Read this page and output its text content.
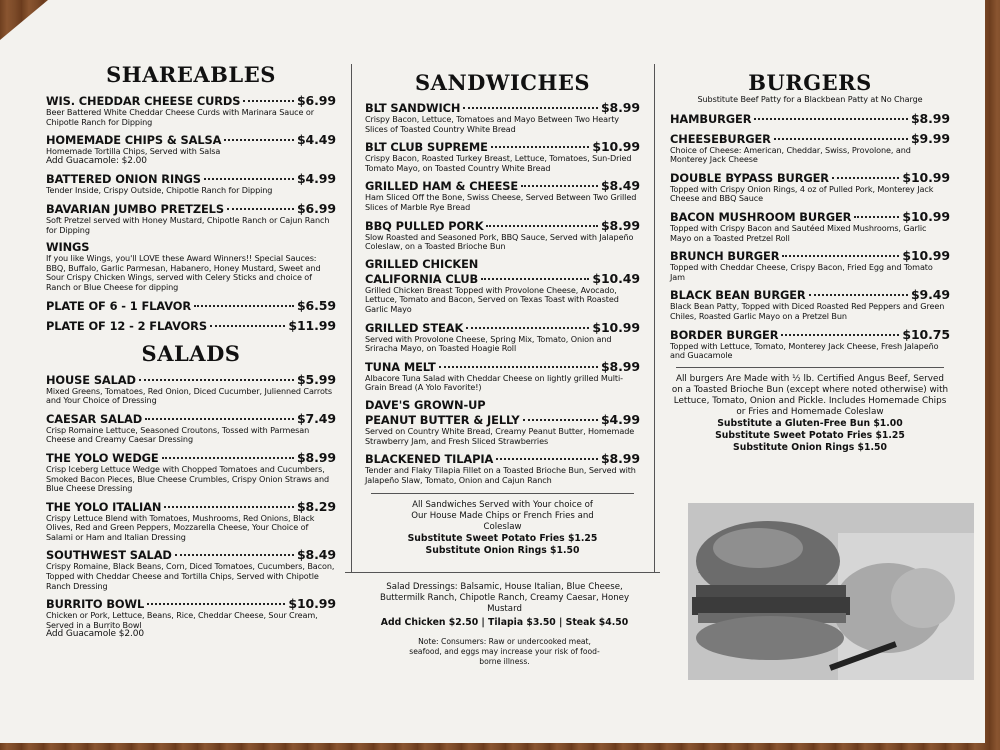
SHAREABLES
WIS. CHEDDAR CHEESE CURDS	$6.99
Beer Battered White Cheddar Cheese Curds with Marinara Sauce or Chipotle Ranch for Dipping
HOMEMADE CHIPS & SALSA	$4.49
Homemade Tortilla Chips, Served with Salsa
Add Guacamole: $2.00
BATTERED ONION RINGS	$4.99
Tender Inside, Crispy Outside, Chipotle Ranch for Dipping
BAVARIAN JUMBO PRETZELS	$6.99
Soft Pretzel served with Honey Mustard, Chipotle Ranch or Cajun Ranch for Dipping
WINGS
If you like Wings, you'll LOVE these Award Winners!! Special Sauces: BBQ, Buffalo, Garlic Parmesan, Habanero, Honey Mustard, Sweet and Sour Crispy Chicken Wings, served with Celery Sticks and choice of Ranch or Blue Cheese for dipping
PLATE OF 6 - 1 FLAVOR	$6.59
PLATE OF 12 - 2 FLAVORS	$11.99
SALADS
HOUSE SALAD	$5.99
Mixed Greens, Tomatoes, Red Onion, Diced Cucumber, Julienned Carrots and Your Choice of Dressing
CAESAR SALAD	$7.49
Crisp Romaine Lettuce, Seasoned Croutons, Tossed with Parmesan Cheese and Creamy Caesar Dressing
THE YOLO WEDGE	$8.99
Crisp Iceberg Lettuce Wedge with Chopped Tomatoes and Cucumbers, Smoked Bacon Pieces, Blue Cheese Crumbles, Crispy Onion Straws and Blue Cheese Dressing
THE YOLO ITALIAN	$8.29
Crispy Lettuce Blend with Tomatoes, Mushrooms, Red Onions, Black Olives, Red and Green Peppers, Mozzarella Cheese, Your Choice of Salami or Ham and Italian Dressing
SOUTHWEST SALAD	$8.49
Crispy Romaine, Black Beans, Corn, Diced Tomatoes, Cucumbers, Bacon, Topped with Cheddar Cheese and Tortilla Chips, Served with Chipotle Ranch Dressing
BURRITO BOWL	$10.99
Chicken or Pork, Lettuce, Beans, Rice, Cheddar Cheese, Sour Cream, Served in a Burrito Bowl
Add Guacamole $2.00
SANDWICHES
BLT SANDWICH	$8.99
Crispy Bacon, Lettuce, Tomatoes and Mayo Between Two Hearty Slices of Toasted Country White Bread
BLT CLUB SUPREME	$10.99
Crispy Bacon, Roasted Turkey Breast, Lettuce, Tomatoes, Sun-Dried Tomato Mayo, on Toasted Country White Bread
GRILLED HAM & CHEESE	$8.49
Ham Sliced Off the Bone, Swiss Cheese, Served Between Two Grilled Slices of Marble Rye Bread
BBQ PULLED PORK	$8.99
Slow Roasted and Seasoned Pork, BBQ Sauce, Served with Jalapeño Coleslaw, on a Toasted Brioche Bun
GRILLED CHICKEN
CALIFORNIA CLUB	$10.49
Grilled Chicken Breast Topped with Provolone Cheese, Avocado, Lettuce, Tomato and Bacon, Served on Texas Toast with Roasted Garlic Mayo
GRILLED STEAK	$10.99
Served with Provolone Cheese, Spring Mix, Tomato, Onion and Sriracha Mayo, on Toasted Hoagie Roll
TUNA MELT	$8.99
Albacore Tuna Salad with Cheddar Cheese on lightly grilled Multi-Grain Bread (A Yolo Favorite!)
DAVE'S GROWN-UP
PEANUT BUTTER & JELLY	$4.99
Served on Country White Bread, Creamy Peanut Butter, Homemade Strawberry Jam, and Fresh Sliced Strawberries
BLACKENED TILAPIA	$8.99
Tender and Flaky Tilapia Fillet on a Toasted Brioche Bun, Served with Jalapeño Slaw, Tomato, Onion and Cajun Ranch
All Sandwiches Served with Your choice of Our House Made Chips or French Fries and Coleslaw
Substitute Sweet Potato Fries $1.25
Substitute Onion Rings $1.50
Salad Dressings: Balsamic, House Italian, Blue Cheese, Buttermilk Ranch, Chipotle Ranch, Creamy Caesar, Honey Mustard
Add Chicken $2.50 | Tilapia $3.50 | Steak $4.50
Note: Consumers: Raw or undercooked meat, seafood, and eggs may increase your risk of food-borne illness.
BURGERS
Substitute Beef Patty for a Blackbean Patty at No Charge
HAMBURGER	$8.99
CHEESEBURGER	$9.99
Choice of Cheese: American, Cheddar, Swiss, Provolone, and Monterey Jack Cheese
DOUBLE BYPASS BURGER	$10.99
Topped with Crispy Onion Rings, 4 oz of Pulled Pork, Monterey Jack Cheese and BBQ Sauce
BACON MUSHROOM BURGER	$10.99
Topped with Crispy Bacon and Sautéed Mixed Mushrooms, Garlic Mayo on a Toasted Pretzel Roll
BRUNCH BURGER	$10.99
Topped with Cheddar Cheese, Crispy Bacon, Fried Egg and Tomato Jam
BLACK BEAN BURGER	$9.49
Black Bean Patty, Topped with Diced Roasted Red Peppers and Green Chiles, Roasted Garlic Mayo on a Pretzel Bun
BORDER BURGER	$10.75
Topped with Lettuce, Tomato, Monterey Jack Cheese, Fresh Jalapeño and Guacamole
All burgers Are Made with ½ lb. Certified Angus Beef, Served on a Toasted Brioche Bun (except where noted otherwise) with Lettuce, Tomato, Onion and Pickle. Includes Homemade Chips or Fries and Homemade Coleslaw
Substitute a Gluten-Free Bun $1.00
Substitute Sweet Potato Fries $1.25
Substitute Onion Rings $1.50
